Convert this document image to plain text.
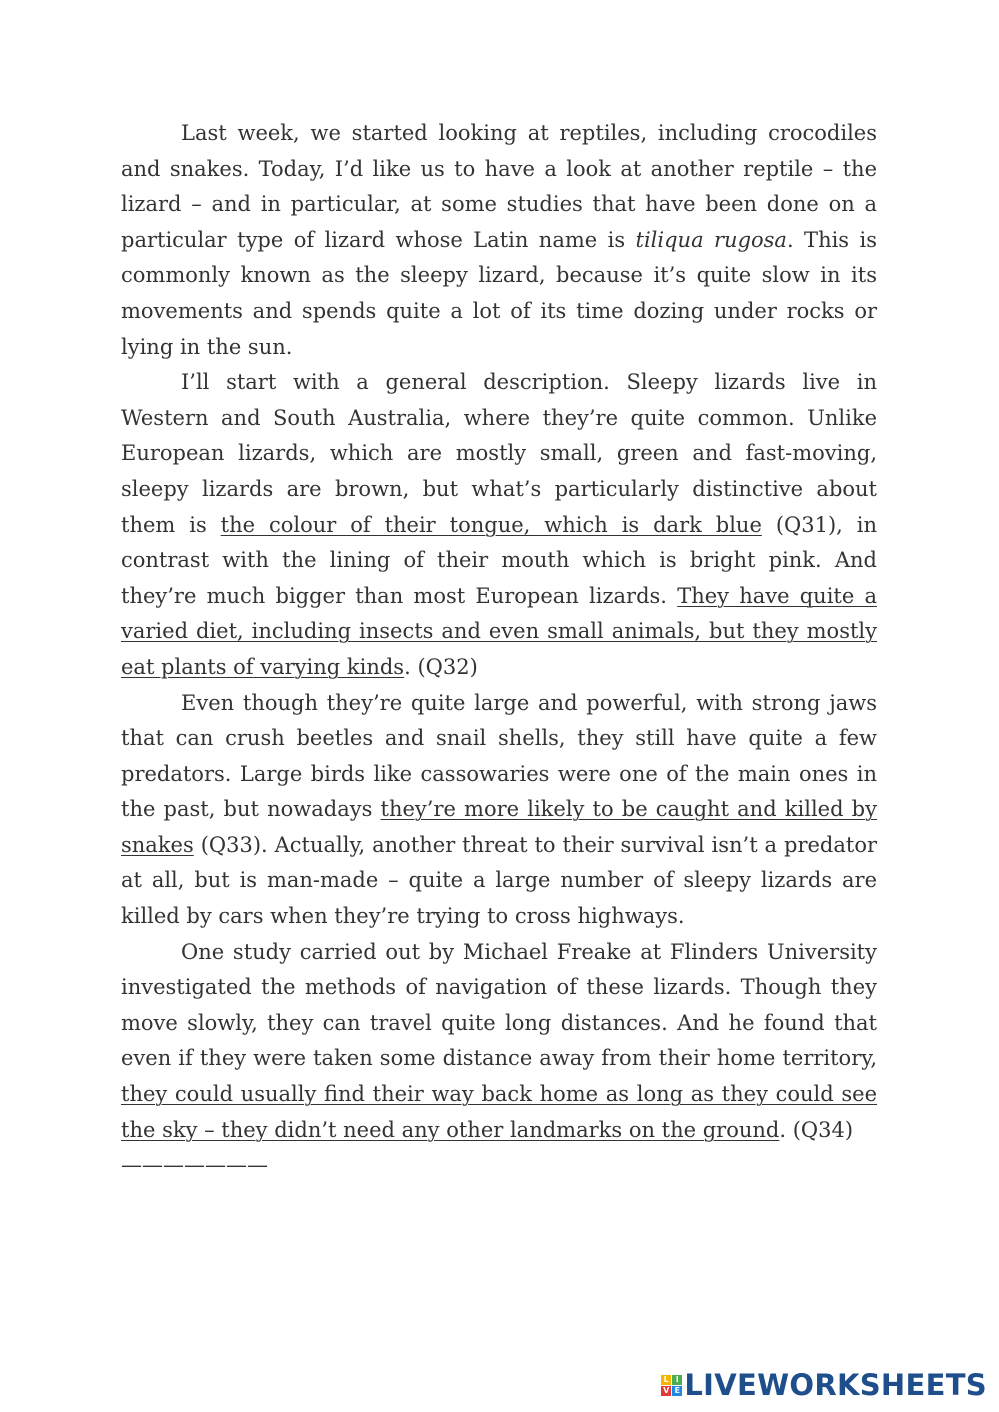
Last week, we started looking at reptiles, including crocodiles and snakes. Today, I’d like us to have a look at another reptile – the lizard – and in particular, at some studies that have been done on a particular type of lizard whose Latin name is tiliqua rugosa. This is commonly known as the sleepy lizard, because it’s quite slow in its movements and spends quite a lot of its time dozing under rocks or lying in the sun.

I’ll start with a general description. Sleepy lizards live in Western and South Australia, where they’re quite common. Unlike European lizards, which are mostly small, green and fast-moving, sleepy lizards are brown, but what’s particularly distinctive about them is the colour of their tongue, which is dark blue (Q31), in contrast with the lining of their mouth which is bright pink. And they’re much bigger than most European lizards. They have quite a varied diet, including insects and even small animals, but they mostly eat plants of varying kinds. (Q32)

Even though they’re quite large and powerful, with strong jaws that can crush beetles and snail shells, they still have quite a few predators. Large birds like cassowaries were one of the main ones in the past, but nowadays they’re more likely to be caught and killed by snakes (Q33). Actually, another threat to their survival isn’t a predator at all, but is man-made – quite a large number of sleepy lizards are killed by cars when they’re trying to cross highways.

One study carried out by Michael Freake at Flinders University investigated the methods of navigation of these lizards. Though they move slowly, they can travel quite long distances. And he found that even if they were taken some distance away from their home territory, they could usually find their way back home as long as they could see the sky – they didn’t need any other landmarks on the ground. (Q34)

———————

L I
V E LIVEWORKSHEETS
